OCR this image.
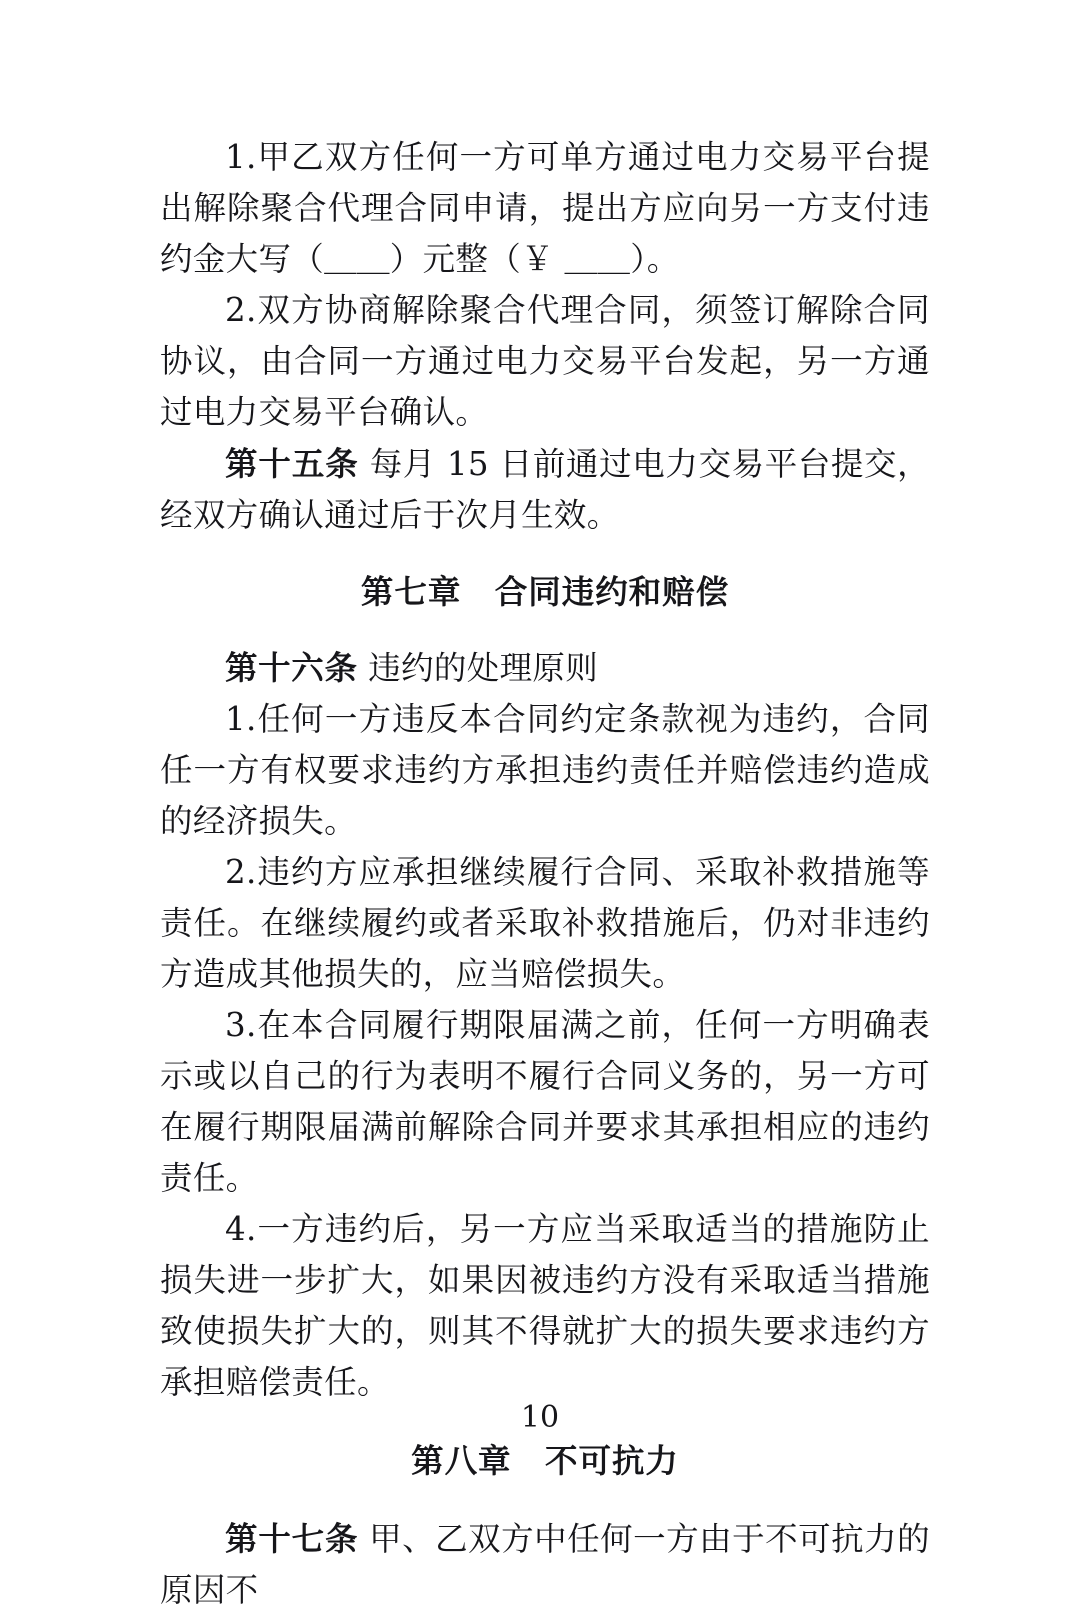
1.甲乙双方任何一方可单方通过电力交易平台提出解除聚合代理合同申请，提出方应向另一方支付违约金大写（＿＿）元整（￥ ＿＿）。

2.双方协商解除聚合代理合同，须签订解除合同协议，由合同一方通过电力交易平台发起，另一方通过电力交易平台确认。

第十五条 每月 15 日前通过电力交易平台提交，经双方确认通过后于次月生效。

第七章　合同违约和赔偿

第十六条 违约的处理原则

1.任何一方违反本合同约定条款视为违约，合同任一方有权要求违约方承担违约责任并赔偿违约造成的经济损失。

2.违约方应承担继续履行合同、采取补救措施等责任。在继续履约或者采取补救措施后，仍对非违约方造成其他损失的，应当赔偿损失。

3.在本合同履行期限届满之前，任何一方明确表示或以自己的行为表明不履行合同义务的，另一方可在履行期限届满前解除合同并要求其承担相应的违约责任。

4.一方违约后，另一方应当采取适当的措施防止损失进一步扩大，如果因被违约方没有采取适当措施致使损失扩大的，则其不得就扩大的损失要求违约方承担赔偿责任。

第八章　不可抗力

第十七条 甲、乙双方中任何一方由于不可抗力的原因不

10
